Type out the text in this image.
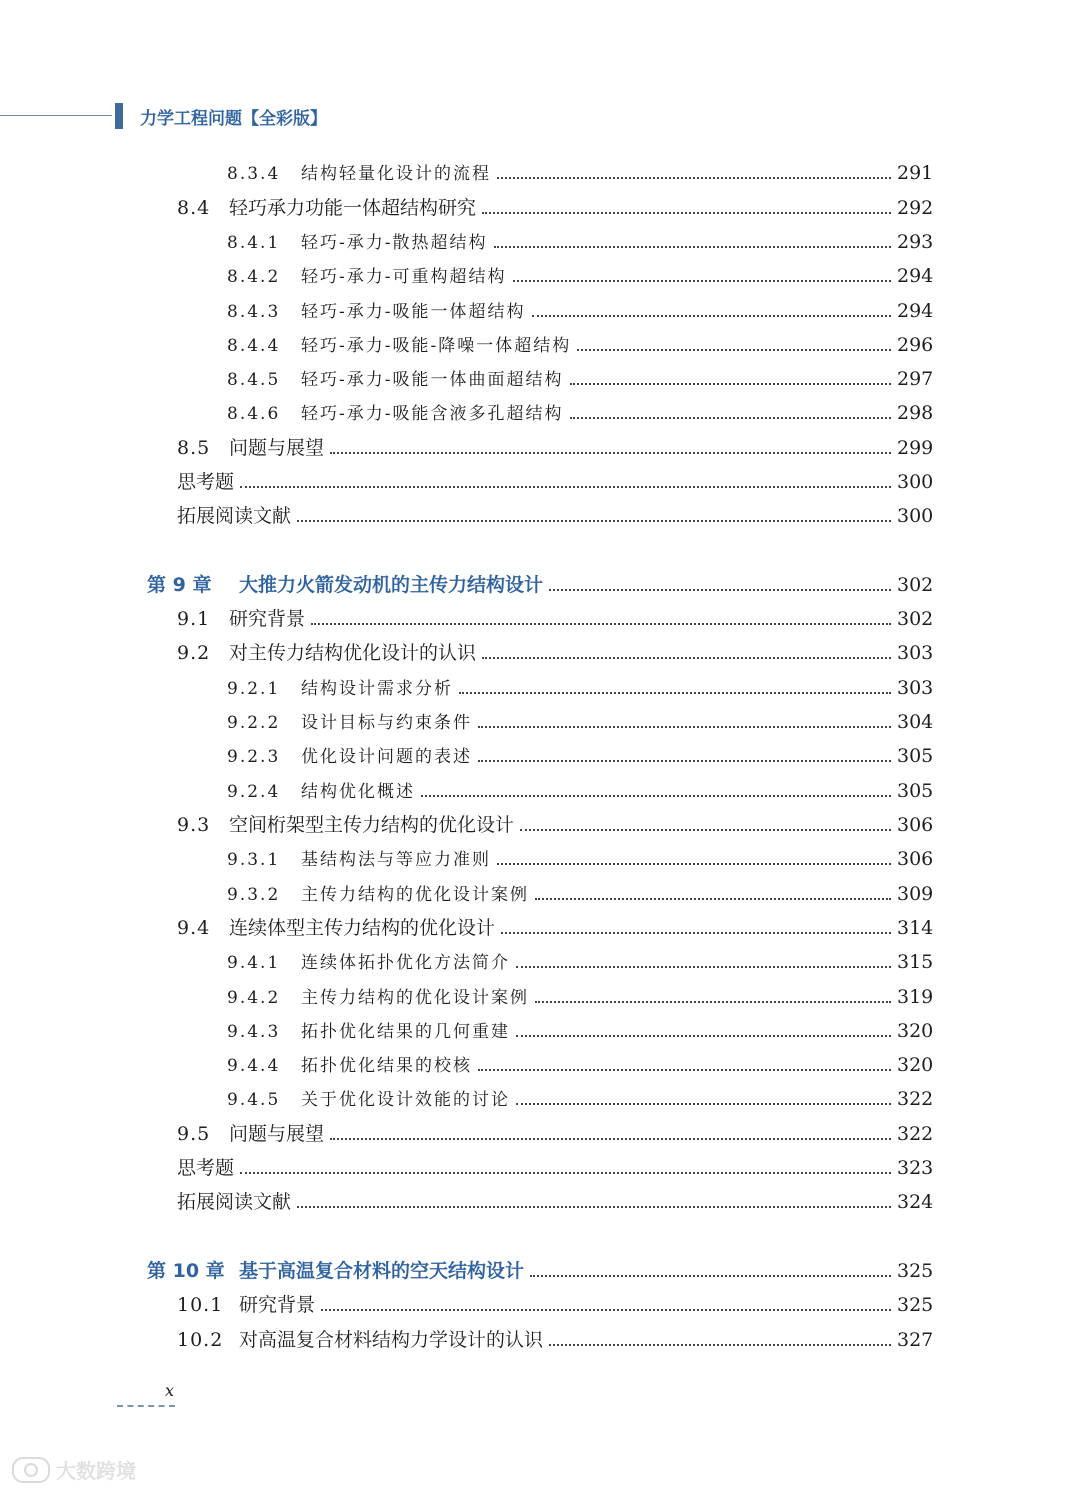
力学工程问题【全彩版】
8.3.4	结构轻量化设计的流程	291
8.4 轻巧承力功能一体超结构研究	292
8.4.1	轻巧-承力-散热超结构	293
8.4.2	轻巧-承力-可重构超结构	294
8.4.3	轻巧-承力-吸能一体超结构	294
8.4.4	轻巧-承力-吸能-降噪一体超结构	296
8.4.5	轻巧-承力-吸能一体曲面超结构	297
8.4.6	轻巧-承力-吸能含液多孔超结构	298
8.5 问题与展望	299
思考题	300
拓展阅读文献	300
第 9 章	大推力火箭发动机的主传力结构设计	302
9.1 研究背景	302
9.2 对主传力结构优化设计的认识	303
9.2.1	结构设计需求分析	303
9.2.2	设计目标与约束条件	304
9.2.3	优化设计问题的表述	305
9.2.4	结构优化概述	305
9.3 空间桁架型主传力结构的优化设计	306
9.3.1	基结构法与等应力准则	306
9.3.2	主传力结构的优化设计案例	309
9.4 连续体型主传力结构的优化设计	314
9.4.1	连续体拓扑优化方法简介	315
9.4.2	主传力结构的优化设计案例	319
9.4.3	拓扑优化结果的几何重建	320
9.4.4	拓扑优化结果的校核	320
9.4.5	关于优化设计效能的讨论	322
9.5 问题与展望	322
思考题	323
拓展阅读文献	324
第 10 章 基于高温复合材料的空天结构设计	325
10.1 研究背景	325
10.2 对高温复合材料结构力学设计的认识	327
x
大数跨境
